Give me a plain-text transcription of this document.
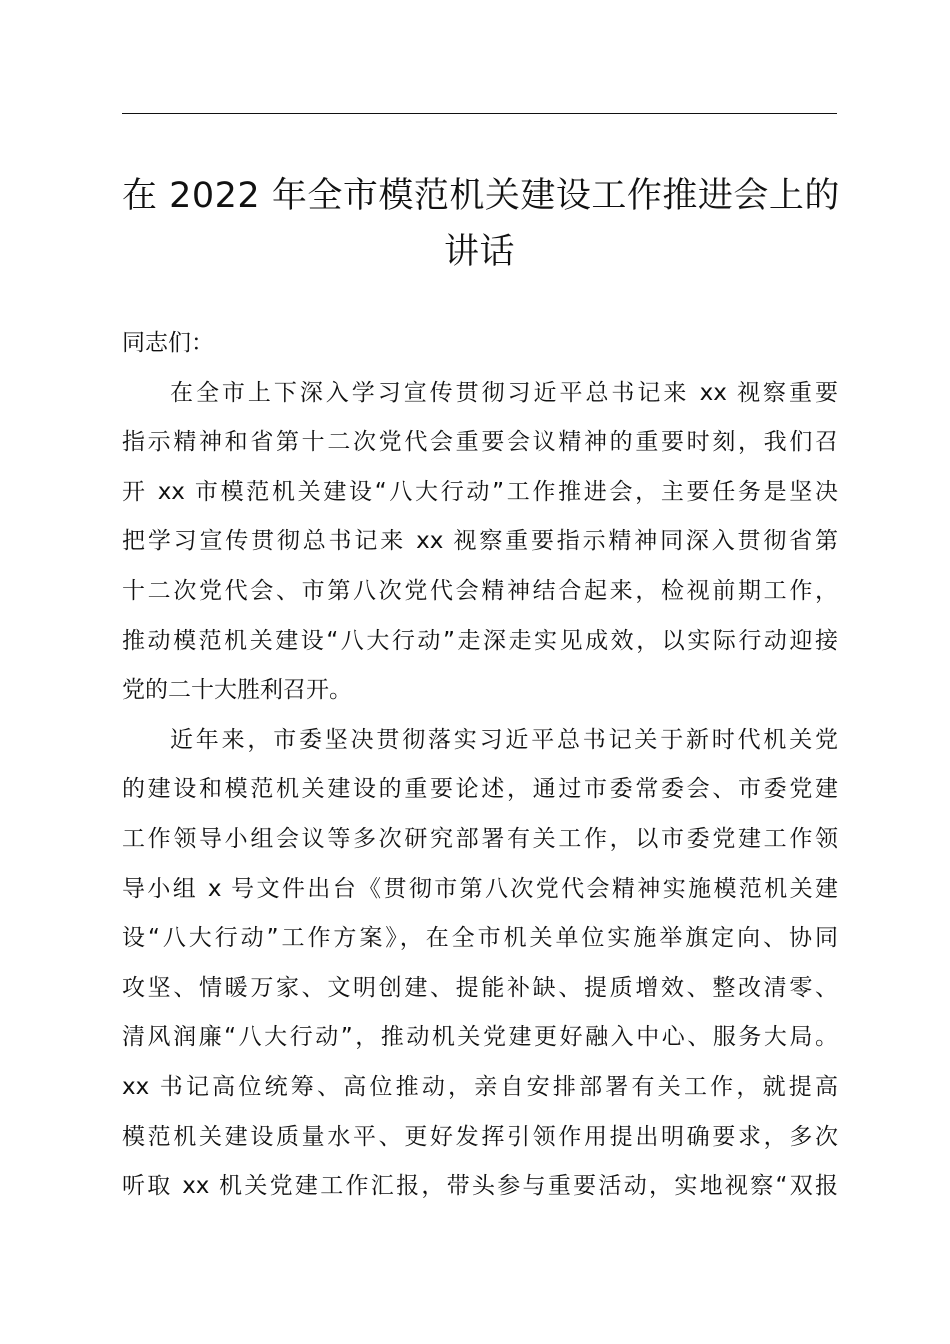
在 2022 年全市模范机关建设工作推进会上的
讲话
同志们：
在全市上下深入学习宣传贯彻习近平总书记来 xx 视察重要
指示精神和省第十二次党代会重要会议精神的重要时刻，我们召
开 xx 市模范机关建设“八大行动”工作推进会，主要任务是坚决
把学习宣传贯彻总书记来 xx 视察重要指示精神同深入贯彻省第
十二次党代会、市第八次党代会精神结合起来，检视前期工作，
推动模范机关建设“八大行动”走深走实见成效，以实际行动迎接
党的二十大胜利召开。
近年来，市委坚决贯彻落实习近平总书记关于新时代机关党
的建设和模范机关建设的重要论述，通过市委常委会、市委党建
工作领导小组会议等多次研究部署有关工作，以市委党建工作领
导小组 x 号文件出台《贯彻市第八次党代会精神实施模范机关建
设“八大行动”工作方案》，在全市机关单位实施举旗定向、协同
攻坚、情暖万家、文明创建、提能补缺、提质增效、整改清零、
清风润廉“八大行动”，推动机关党建更好融入中心、服务大局。
xx 书记高位统筹、高位推动，亲自安排部署有关工作，就提高
模范机关建设质量水平、更好发挥引领作用提出明确要求，多次
听取 xx 机关党建工作汇报，带头参与重要活动，实地视察“双报
